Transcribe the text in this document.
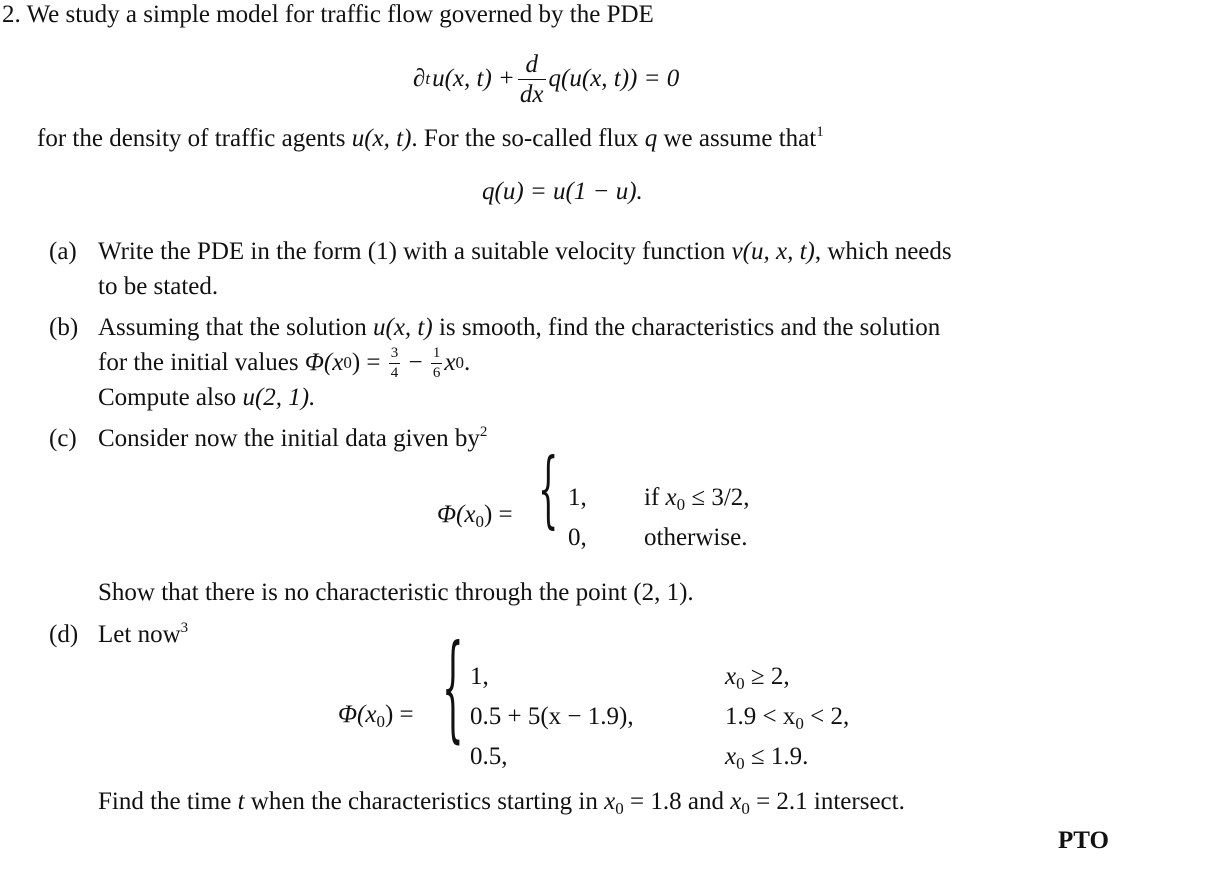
2. We study a simple model for traffic flow governed by the PDE
∂ t u(x, $t) + \frac{d}{dx} q(u(x$, t)) = 0
for the density of traffic agents u(x, t). For the so-called flux q we assume that$^1$
q(u) = u(1 − u).
(a) Write the PDE in the form (1) with a suitable velocity function v(u, x, t), which needs
to be stated.
(b) Assuming that the solution u(x, t) is smooth, find the characteristics and the solution
for the initial values
Φ(x 0 ) = $\frac{3}{4} - \frac{1}{6}$ x 0 .
Compute also u(2, 1).
(c) Consider now the initial data given $by^2$
$\Phi(x_0)$ = { 1, if $x_0 \le 3/2$,
0, otherwise.
Show that there is no characteristic through the point (2, 1).
(d) Let now$^3$
$\Phi(x_0)$ = { 1,	$x_0 \ge 2$,
0.5 + 5(x − 1.9),	$1.9 < x_0 < 2$,
0.5,	$x_0 \le 1.9$.
Find the time t when the characteristics starting in $x_0 = 1.8$ and $x_0 = 2.1$ intersect.
PTO
